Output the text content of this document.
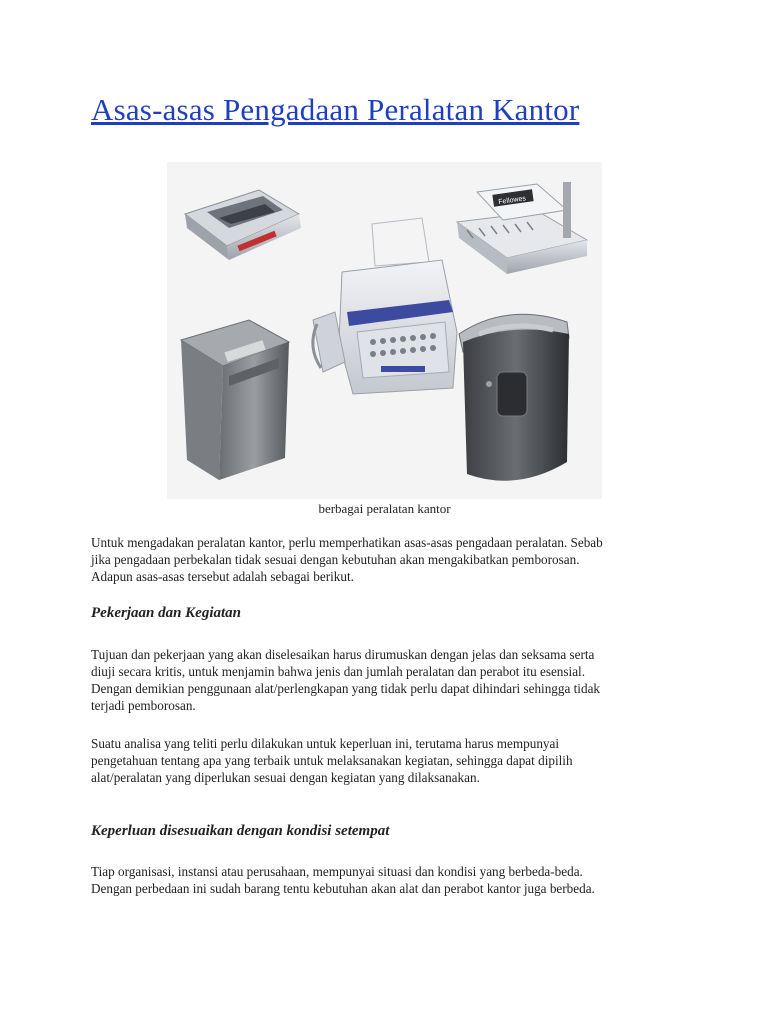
Asas-asas Pengadaan Peralatan Kantor
Fellowes
berbagai peralatan kantor

Untuk mengadakan peralatan kantor, perlu memperhatikan asas-asas pengadaan peralatan. Sebab
jika pengadaan perbekalan tidak sesuai dengan kebutuhan akan mengakibatkan pemborosan.
Adapun asas-asas tersebut adalah sebagai berikut.

Pekerjaan dan Kegiatan

Tujuan dan pekerjaan yang akan diselesaikan harus dirumuskan dengan jelas dan seksama serta
diuji secara kritis, untuk menjamin bahwa jenis dan jumlah peralatan dan perabot itu esensial.
Dengan demikian penggunaan alat/perlengkapan yang tidak perlu dapat dihindari sehingga tidak
terjadi pemborosan.

Suatu analisa yang teliti perlu dilakukan untuk keperluan ini, terutama harus mempunyai
pengetahuan tentang apa yang terbaik untuk melaksanakan kegiatan, sehingga dapat dipilih
alat/peralatan yang diperlukan sesuai dengan kegiatan yang dilaksanakan.

Keperluan disesuaikan dengan kondisi setempat

Tiap organisasi, instansi atau perusahaan, mempunyai situasi dan kondisi yang berbeda-beda.
Dengan perbedaan ini sudah barang tentu kebutuhan akan alat dan perabot kantor juga berbeda.
